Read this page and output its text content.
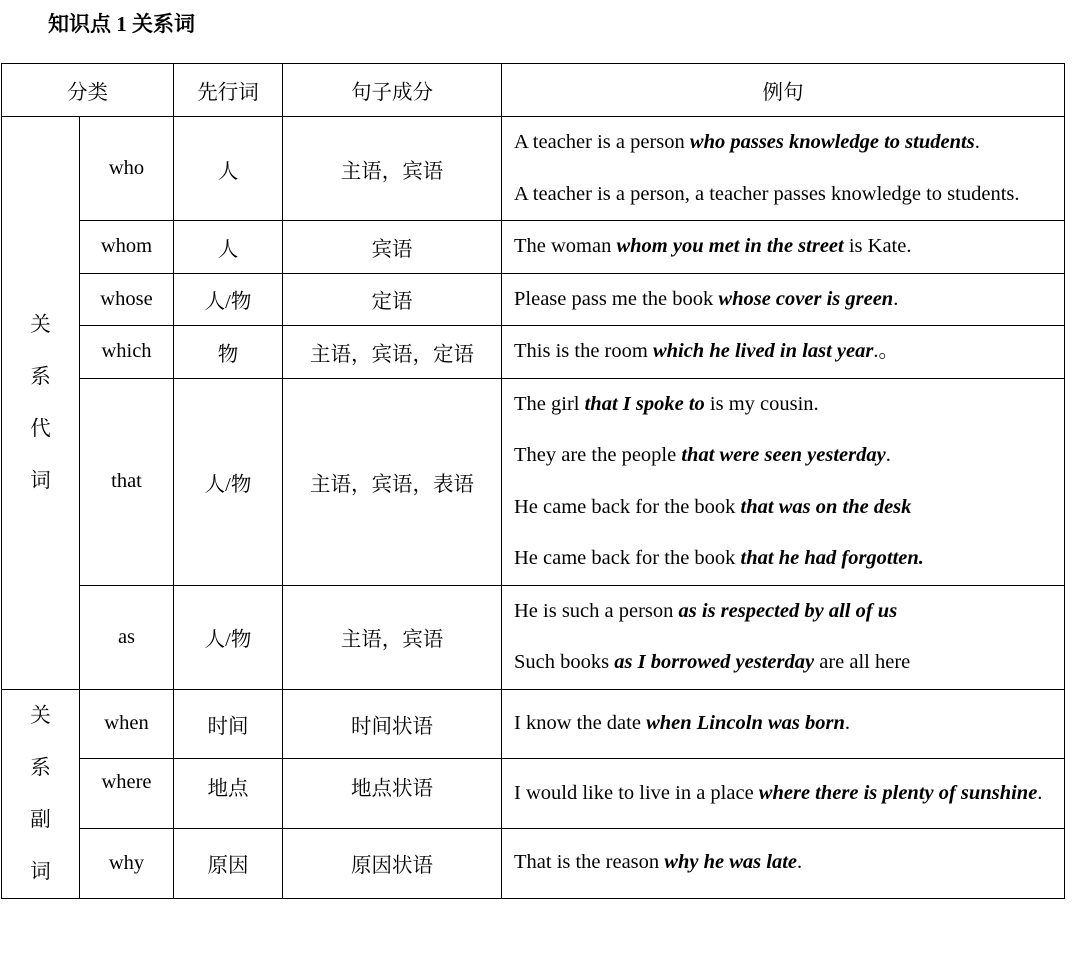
知识点 1 关系词
分类		先行词	句子成分	例句

关
系
代
词	who	人	主语，宾语	A teacher is a person who passes knowledge to students.
A teacher is a person, a teacher passes knowledge to students.

	whom	人	宾语	The woman whom you met in the street is Kate.

	whose	人/物	定语	Please pass me the book whose cover is green.

	which	物	主语，宾语，定语	This is the room which he lived in last year.。

	that	人/物	主语，宾语，表语	The girl that I spoke to is my cousin.
They are the people that were seen yesterday.
He came back for the book that was on the desk
He came back for the book that he had forgotten.

	as	人/物	主语，宾语	He is such a person as is respected by all of us
Such books as I borrowed yesterday are all here

关
系
副
词	when	时间	时间状语	I know the date when Lincoln was born.

	where	地点	地点状语	I would like to live in a place where there is plenty of sunshine.
	why	原因	原因状语	That is the reason why he was late.
